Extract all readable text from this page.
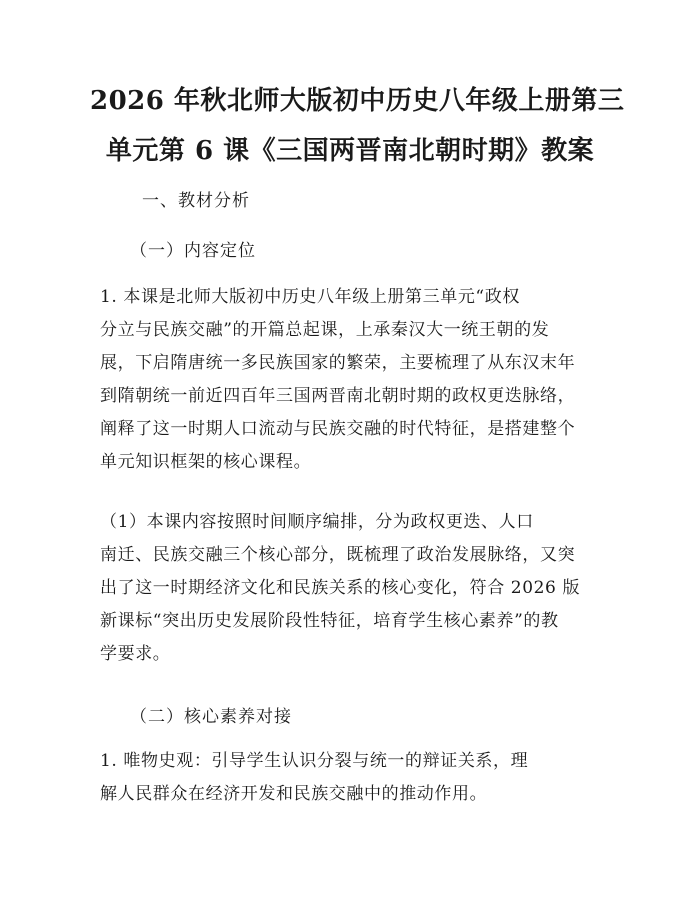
2026 年秋北师大版初中历史八年级上册第三
单元第 6 课《三国两晋南北朝时期》教案
一、教材分析
（一）内容定位
1. 本课是北师大版初中历史八年级上册第三单元“政权
分立与民族交融”的开篇总起课，上承秦汉大一统王朝的发
展，下启隋唐统一多民族国家的繁荣，主要梳理了从东汉末年
到隋朝统一前近四百年三国两晋南北朝时期的政权更迭脉络，
阐释了这一时期人口流动与民族交融的时代特征，是搭建整个
单元知识框架的核心课程。
（1）本课内容按照时间顺序编排，分为政权更迭、人口
南迁、民族交融三个核心部分，既梳理了政治发展脉络，又突
出了这一时期经济文化和民族关系的核心变化，符合 2026 版
新课标“突出历史发展阶段性特征，培育学生核心素养”的教
学要求。
（二）核心素养对接
1. 唯物史观：引导学生认识分裂与统一的辩证关系，理
解人民群众在经济开发和民族交融中的推动作用。
